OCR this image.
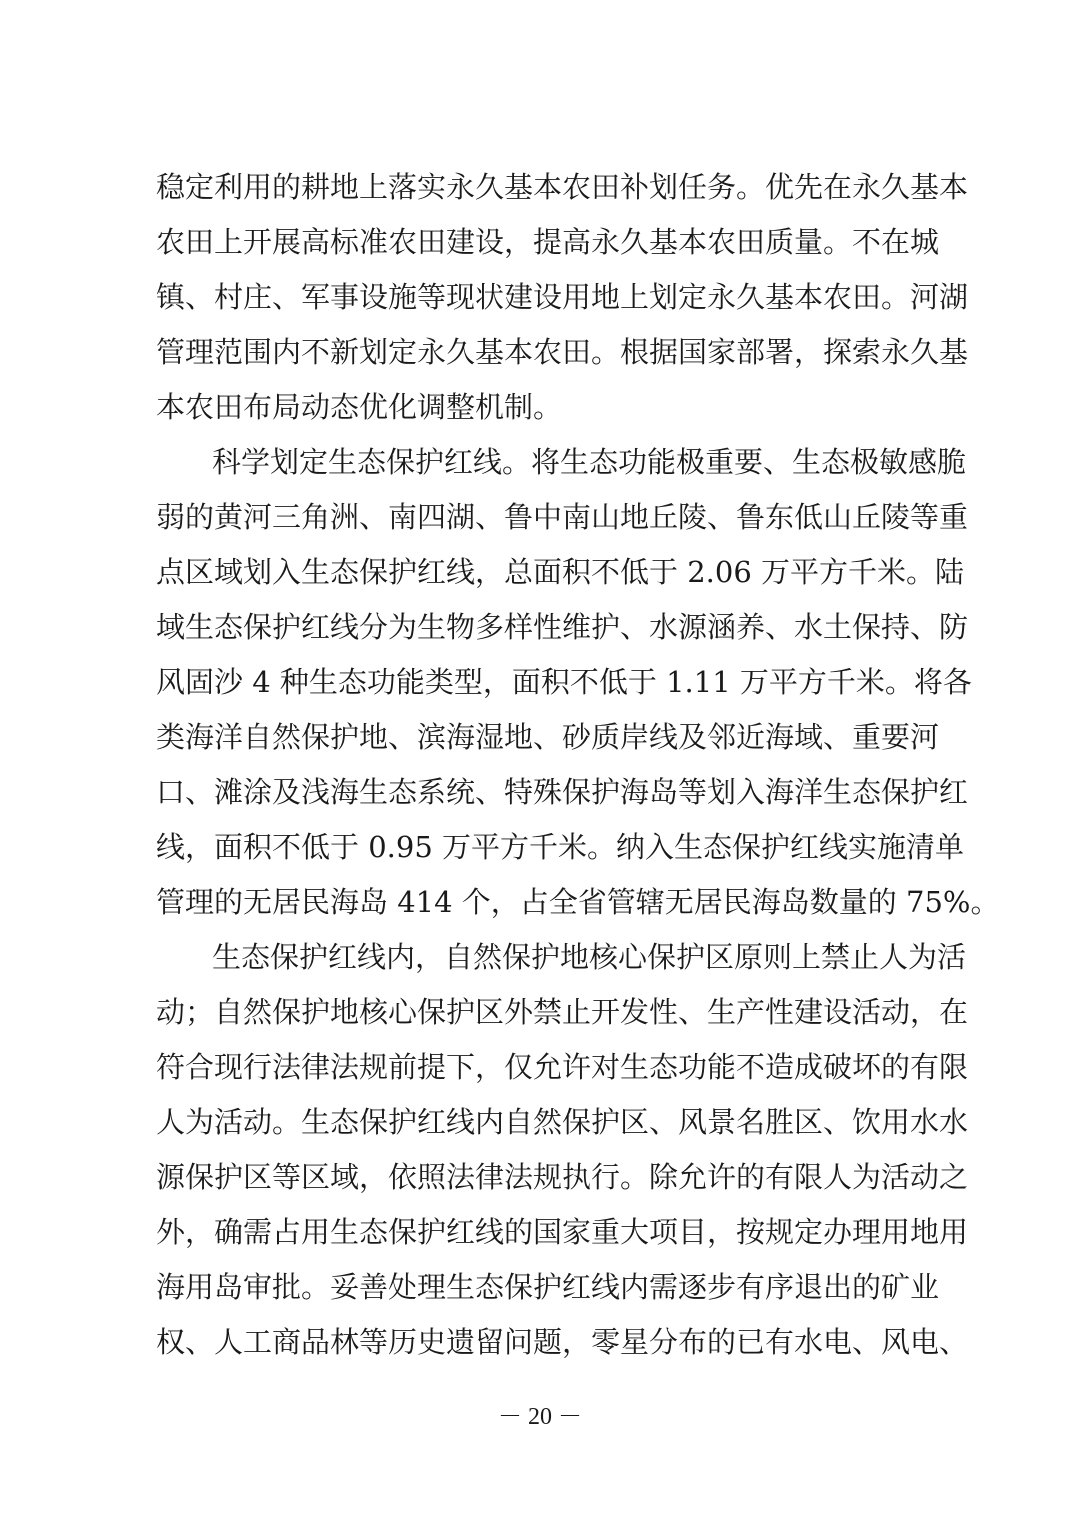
稳定利用的耕地上落实永久基本农田补划任务。优先在永久基本
农田上开展高标准农田建设，提高永久基本农田质量。不在城
镇、村庄、军事设施等现状建设用地上划定永久基本农田。河湖
管理范围内不新划定永久基本农田。根据国家部署，探索永久基
本农田布局动态优化调整机制。
科学划定生态保护红线。将生态功能极重要、生态极敏感脆
弱的黄河三角洲、南四湖、鲁中南山地丘陵、鲁东低山丘陵等重
点区域划入生态保护红线，总面积不低于 2.06 万平方千米。陆
域生态保护红线分为生物多样性维护、水源涵养、水土保持、防
风固沙 4 种生态功能类型，面积不低于 1.11 万平方千米。将各
类海洋自然保护地、滨海湿地、砂质岸线及邻近海域、重要河
口、滩涂及浅海生态系统、特殊保护海岛等划入海洋生态保护红
线，面积不低于 0.95 万平方千米。纳入生态保护红线实施清单
管理的无居民海岛 414 个，占全省管辖无居民海岛数量的 75%。
生态保护红线内，自然保护地核心保护区原则上禁止人为活
动；自然保护地核心保护区外禁止开发性、生产性建设活动，在
符合现行法律法规前提下，仅允许对生态功能不造成破坏的有限
人为活动。生态保护红线内自然保护区、风景名胜区、饮用水水
源保护区等区域，依照法律法规执行。除允许的有限人为活动之
外，确需占用生态保护红线的国家重大项目，按规定办理用地用
海用岛审批。妥善处理生态保护红线内需逐步有序退出的矿业
权、人工商品林等历史遗留问题，零星分布的已有水电、风电、
－ 20 －
